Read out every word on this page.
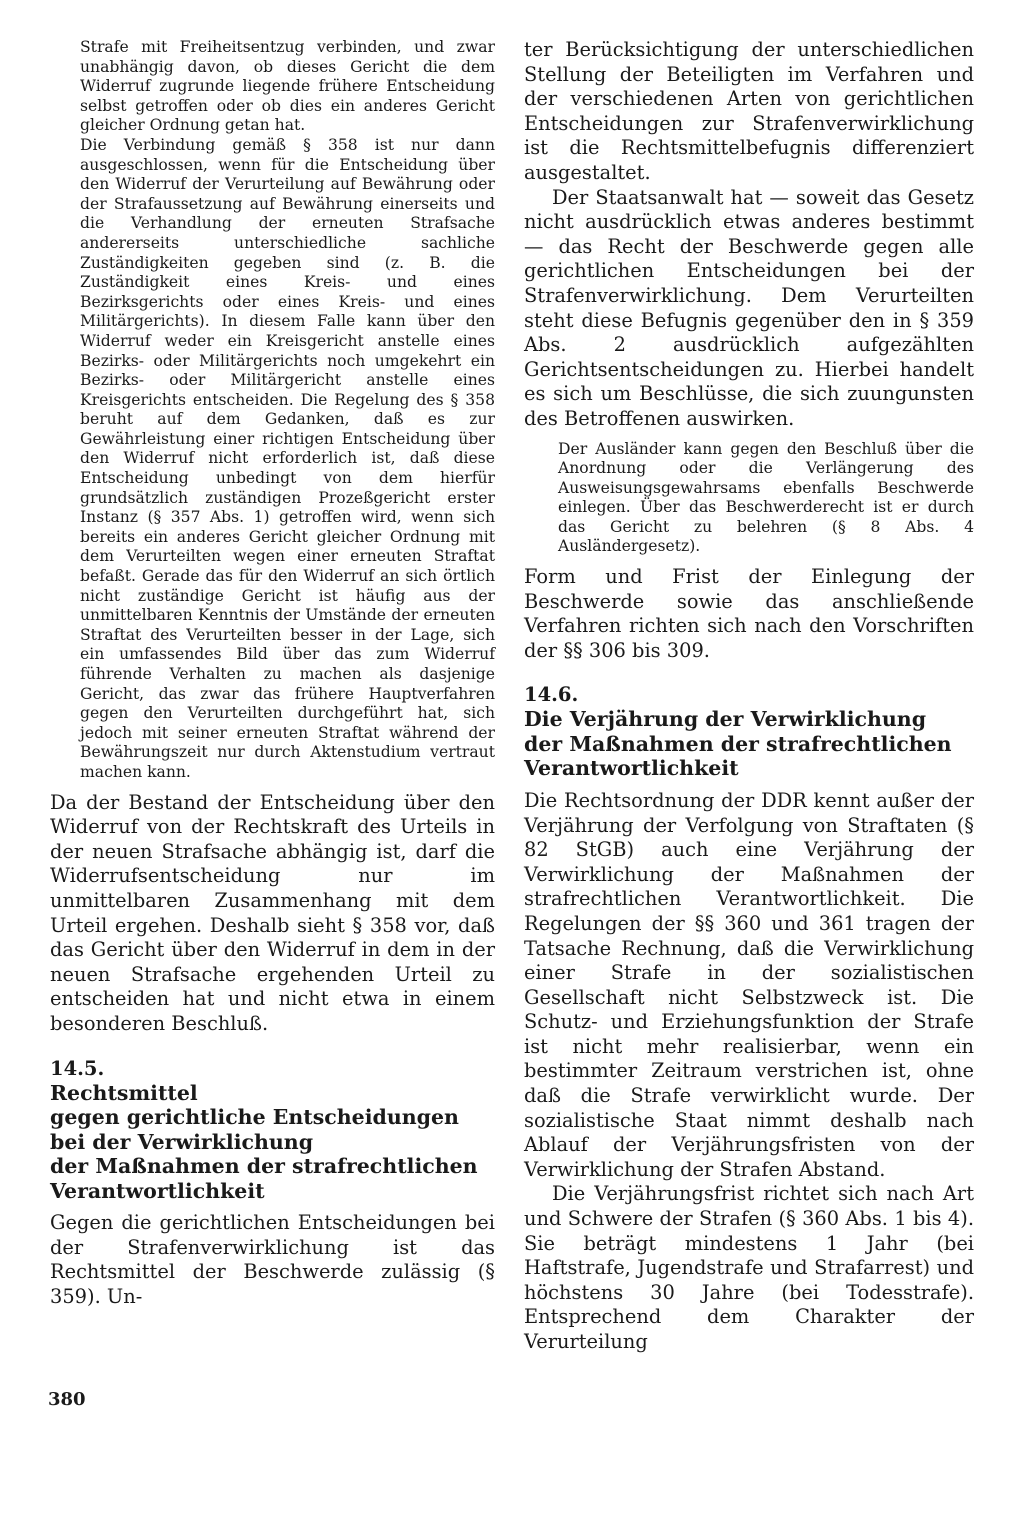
Strafe mit Freiheitsentzug verbinden, und zwar unabhängig davon, ob dieses Gericht die dem Widerruf zugrunde liegende frühere Entscheidung selbst getroffen oder ob dies ein anderes Gericht gleicher Ordnung getan hat.

Die Verbindung gemäß § 358 ist nur dann ausgeschlossen, wenn für die Entscheidung über den Widerruf der Verurteilung auf Bewährung oder der Strafaussetzung auf Bewährung einerseits und die Verhandlung der erneuten Strafsache andererseits unterschiedliche sachliche Zuständigkeiten gegeben sind (z. B. die Zuständigkeit eines Kreis- und eines Bezirksgerichts oder eines Kreis- und eines Militärgerichts). In diesem Falle kann über den Widerruf weder ein Kreisgericht anstelle eines Bezirks- oder Militärgerichts noch umgekehrt ein Bezirks- oder Militärgericht anstelle eines Kreisgerichts entscheiden. Die Regelung des § 358 beruht auf dem Gedanken, daß es zur Gewährleistung einer richtigen Entscheidung über den Widerruf nicht erforderlich ist, daß diese Entscheidung unbedingt von dem hierfür grundsätzlich zuständigen Prozeßgericht erster Instanz (§ 357 Abs. 1) getroffen wird, wenn sich bereits ein anderes Gericht gleicher Ordnung mit dem Verurteilten wegen einer erneuten Straftat befaßt. Gerade das für den Widerruf an sich örtlich nicht zuständige Gericht ist häufig aus der unmittelbaren Kenntnis der Umstände der erneuten Straftat des Verurteilten besser in der Lage, sich ein umfassendes Bild über das zum Widerruf führende Verhalten zu machen als dasjenige Gericht, das zwar das frühere Hauptverfahren gegen den Verurteilten durchgeführt hat, sich jedoch mit seiner erneuten Straftat während der Bewährungszeit nur durch Aktenstudium vertraut machen kann.

Da der Bestand der Entscheidung über den Widerruf von der Rechtskraft des Urteils in der neuen Strafsache abhängig ist, darf die Widerrufsentscheidung nur im unmittelbaren Zusammenhang mit dem Urteil ergehen. Deshalb sieht § 358 vor, daß das Gericht über den Widerruf in dem in der neuen Strafsache ergehenden Urteil zu entscheiden hat und nicht etwa in einem besonderen Beschluß.

14.5.
Rechtsmittel
gegen gerichtliche Entscheidungen
bei der Verwirklichung
der Maßnahmen der strafrechtlichen
Verantwortlichkeit

Gegen die gerichtlichen Entscheidungen bei der Strafenverwirklichung ist das Rechtsmittel der Beschwerde zulässig (§ 359). Un-

ter Berücksichtigung der unterschiedlichen Stellung der Beteiligten im Verfahren und der verschiedenen Arten von gerichtlichen Entscheidungen zur Strafenverwirklichung ist die Rechtsmittelbefugnis differenziert ausgestaltet.

Der Staatsanwalt hat — soweit das Gesetz nicht ausdrücklich etwas anderes bestimmt — das Recht der Beschwerde gegen alle gerichtlichen Entscheidungen bei der Strafenverwirklichung. Dem Verurteilten steht diese Befugnis gegenüber den in § 359 Abs. 2 ausdrücklich aufgezählten Gerichtsentscheidungen zu. Hierbei handelt es sich um Beschlüsse, die sich zuungunsten des Betroffenen auswirken.

Der Ausländer kann gegen den Beschluß über die Anordnung oder die Verlängerung des Ausweisungsgewahrsams ebenfalls Beschwerde einlegen. Über das Beschwerderecht ist er durch das Gericht zu belehren (§ 8 Abs. 4 Ausländergesetz).

Form und Frist der Einlegung der Beschwerde sowie das anschließende Verfahren richten sich nach den Vorschriften der §§ 306 bis 309.

14.6.
Die Verjährung der Verwirklichung
der Maßnahmen der strafrechtlichen
Verantwortlichkeit

Die Rechtsordnung der DDR kennt außer der Verjährung der Verfolgung von Straftaten (§ 82 StGB) auch eine Verjährung der Verwirklichung der Maßnahmen der strafrechtlichen Verantwortlichkeit. Die Regelungen der §§ 360 und 361 tragen der Tatsache Rechnung, daß die Verwirklichung einer Strafe in der sozialistischen Gesellschaft nicht Selbstzweck ist. Die Schutz- und Erziehungsfunktion der Strafe ist nicht mehr realisierbar, wenn ein bestimmter Zeitraum verstrichen ist, ohne daß die Strafe verwirklicht wurde. Der sozialistische Staat nimmt deshalb nach Ablauf der Verjährungsfristen von der Verwirklichung der Strafen Abstand.

Die Verjährungsfrist richtet sich nach Art und Schwere der Strafen (§ 360 Abs. 1 bis 4). Sie beträgt mindestens 1 Jahr (bei Haftstrafe, Jugendstrafe und Strafarrest) und höchstens 30 Jahre (bei Todesstrafe). Entsprechend dem Charakter der Verurteilung

380
